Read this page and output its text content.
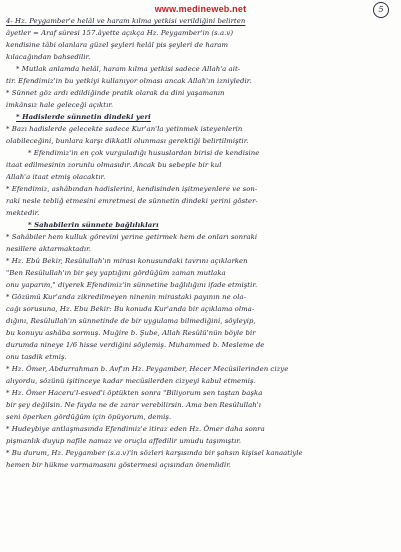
www.medineweb.net	5
4- Hz. Peygamber'e helâl ve haram kılma yetkisi verildiğini belirten
âyetler = Araf sûresi 157.âyette açıkça Hz. Peygamber'in (s.a.v)
kendisine tâbi olanlara güzel şeyleri helâl pis şeyleri de haram
kılacağından bahsedilir.
* Mutlak anlamda helâl, haram kılma yetkisi sadece Allah'a ait-
tir. Efendimiz'in bu yetkiyi kullanıyor olması ancak Allah'ın izniyledir.
* Sünnet göz ardı edildiğinde pratik olarak da dini yaşamanın
imkânsız hale geleceği açıktır.
* Hadislerde sünnetin dindeki yeri
* Bazı hadislerde gelecekte sadece Kur'an'la yetinmek isteyenlerin
olabileceğini, bunlara karşı dikkatli olunması gerektiği belirtilmiştir.
* Efendimiz'in en çok vurguladığı hususlardan birisi de kendisine
itaat edilmesinin zorunlu olmasıdır. Ancak bu sebeple bir kul
Allah'a itaat etmiş olacaktır.
* Efendimiz, ashâbından hadislerini, kendisinden işitmeyenlere ve son-
raki nesle tebliğ etmesini emretmesi de sünnetin dindeki yerini göster-
mektedir.
* Sahabilerin sünnete bağlılıkları
* Sahâbiler hem kulluk görevini yerine getirmek hem de onları sonraki
nesillere aktarmaktadır.
* Hz. Ebû Bekir, Resûlullah'ın mirası konusundaki tavrını açıklarken
"Ben Resûlullah'ın bir şey yaptığını gördüğüm zaman mutlaka
onu yaparım," diyerek Efendimiz'in sünnetine bağlılığını ifade etmiştir.
* Gözümü Kur'anda zikredilmeyen ninenin mirastaki payının ne ola-
cağı sorusuna, Hz. Ebu Bekir: Bu konuda Kur'anda bir açıklama olma-
dığını, Resûlullah'ın sünnetinde de bir uygulama bilmediğini, söyleyip,
bu konuyu ashâba sormuş. Muğire b. Şube, Allah Resûlü'nün böyle bir
durumda nineye 1/6 hisse verdiğini söylemiş. Muhammed b. Mesleme de
onu tasdik etmiş.
* Hz. Ömer, Abdurrahman b. Avf'ın Hz. Peygamber, Hecer Mecûsilerinden cizye
alıyordu, sözünü işitinceye kadar mecûsilerden cizyeyi kabul etmemiş.
* Hz. Ömer Haceru'l-esved'i öptükten sonra "Biliyorum sen taştan başka
bir şey değilsin. Ne fayda ne de zarar verebilirsin. Ama ben Resûlullah'ı
seni öperken gördüğüm için öpüyorum, demiş.
* Hudeybiye antlaşmasında Efendimiz'e itiraz eden Hz. Ömer daha sonra
pişmanlık duyup nafile namaz ve oruçla affedilir umudu taşımıştır.
* Bu durum, Hz. Peygamber (s.a.v)'in sözleri karşısında bir şahsın kişisel kanaatiyle
hemen bir hükme varmamasını göstermesi açısından önemlidir.
